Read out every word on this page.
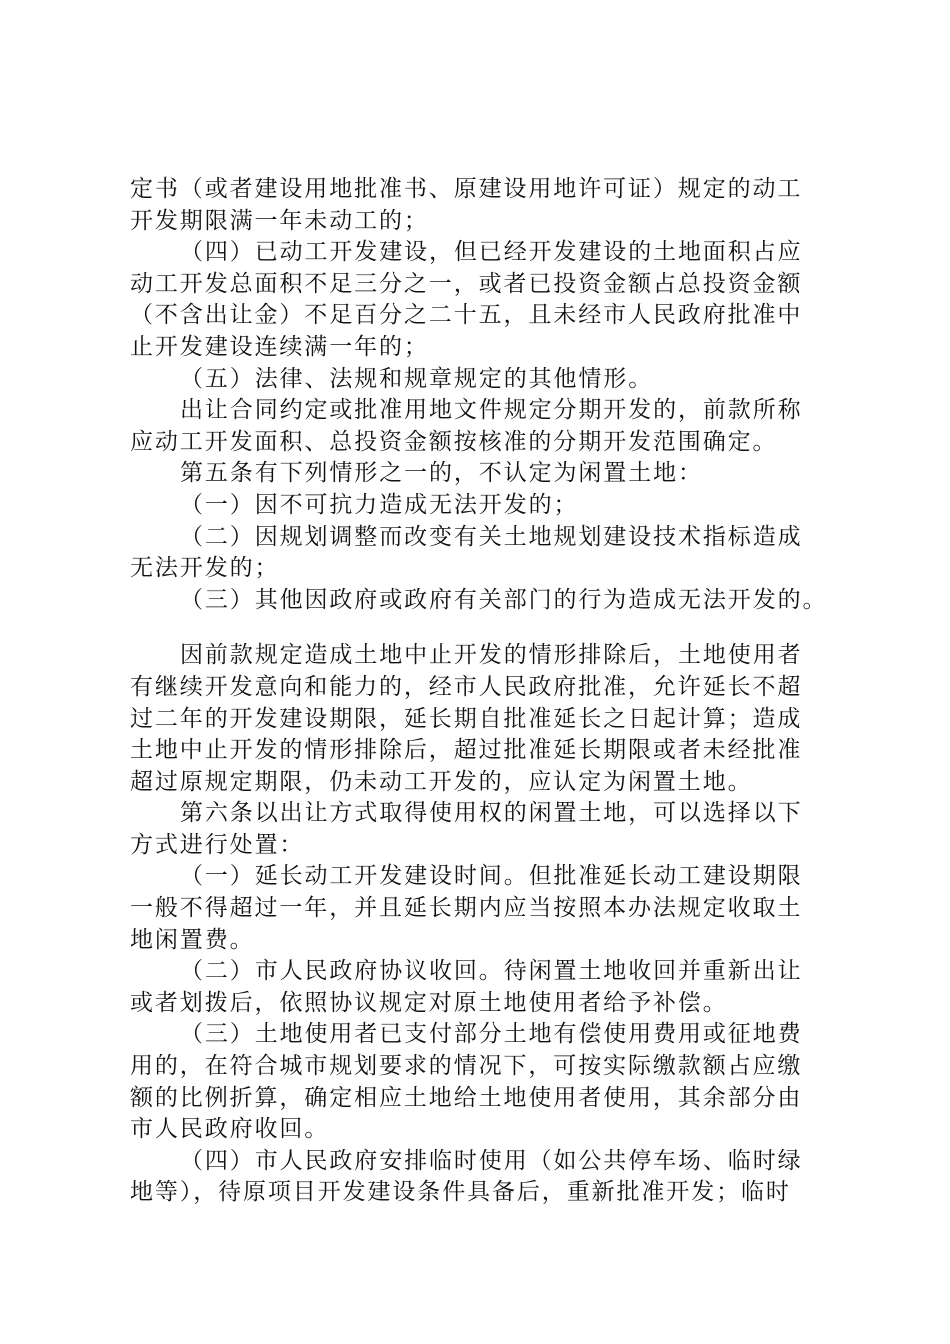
定书（或者建设用地批准书、原建设用地许可证）规定的动工
开发期限满一年未动工的；
（四）已动工开发建设，但已经开发建设的土地面积占应
动工开发总面积不足三分之一，或者已投资金额占总投资金额
（不含出让金）不足百分之二十五，且未经市人民政府批准中
止开发建设连续满一年的；
（五）法律、法规和规章规定的其他情形。
出让合同约定或批准用地文件规定分期开发的，前款所称
应动工开发面积、总投资金额按核准的分期开发范围确定。
第五条有下列情形之一的，不认定为闲置土地：
（一）因不可抗力造成无法开发的；
（二）因规划调整而改变有关土地规划建设技术指标造成
无法开发的；
（三）其他因政府或政府有关部门的行为造成无法开发的。
因前款规定造成土地中止开发的情形排除后，土地使用者
有继续开发意向和能力的，经市人民政府批准，允许延长不超
过二年的开发建设期限，延长期自批准延长之日起计算；造成
土地中止开发的情形排除后，超过批准延长期限或者未经批准
超过原规定期限，仍未动工开发的，应认定为闲置土地。
第六条以出让方式取得使用权的闲置土地，可以选择以下
方式进行处置：
（一）延长动工开发建设时间。但批准延长动工建设期限
一般不得超过一年，并且延长期内应当按照本办法规定收取土
地闲置费。
（二）市人民政府协议收回。待闲置土地收回并重新出让
或者划拨后，依照协议规定对原土地使用者给予补偿。
（三）土地使用者已支付部分土地有偿使用费用或征地费
用的，在符合城市规划要求的情况下，可按实际缴款额占应缴
额的比例折算，确定相应土地给土地使用者使用，其余部分由
市人民政府收回。
（四）市人民政府安排临时使用（如公共停车场、临时绿
地等），待原项目开发建设条件具备后，重新批准开发；临时
